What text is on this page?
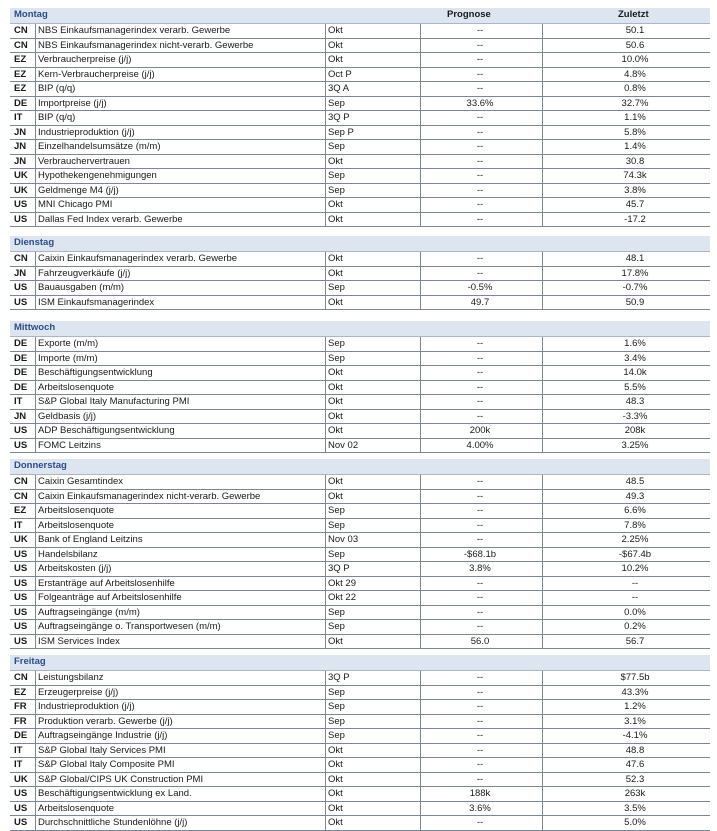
Montag	Prognose	Zuletzt
CN	NBS Einkaufsmanagerindex verarb. Gewerbe	Okt	--	50.1
CN	NBS Einkaufsmanagerindex nicht-verarb. Gewerbe	Okt	--	50.6
EZ	Verbraucherpreise (j/j)	Okt	--	10.0%
EZ	Kern-Verbraucherpreise (j/j)	Oct P	--	4.8%
EZ	BIP (q/q)	3Q A	--	0.8%
DE	Importpreise (j/j)	Sep	33.6%	32.7%
IT	BIP (q/q)	3Q P	--	1.1%
JN	Industrieproduktion (j/j)	Sep P	--	5.8%
JN	Einzelhandelsumsätze (m/m)	Sep	--	1.4%
JN	Verbrauchervertrauen	Okt	--	30.8
UK	Hypothekengenehmigungen	Sep	--	74.3k
UK	Geldmenge M4 (j/j)	Sep	--	3.8%
US	MNI Chicago PMI	Okt	--	45.7
US	Dallas Fed Index verarb. Gewerbe	Okt	--	-17.2
Dienstag
CN	Caixin Einkaufsmanagerindex verarb. Gewerbe	Okt	--	48.1
JN	Fahrzeugverkäufe (j/j)	Okt	--	17.8%
US	Bauausgaben (m/m)	Sep	-0.5%	-0.7%
US	ISM Einkaufsmanagerindex	Okt	49.7	50.9
Mittwoch
DE	Exporte (m/m)	Sep	--	1.6%
DE	Importe (m/m)	Sep	--	3.4%
DE	Beschäftigungsentwicklung	Okt	--	14.0k
DE	Arbeitslosenquote	Okt	--	5.5%
IT	S&P Global Italy Manufacturing PMI	Okt	--	48.3
JN	Geldbasis (j/j)	Okt	--	-3.3%
US	ADP Beschäftigungsentwicklung	Okt	200k	208k
US	FOMC Leitzins	Nov 02	4.00%	3.25%
Donnerstag
CN	Caixin Gesamtindex	Okt	--	48.5
CN	Caixin Einkaufsmanagerindex nicht-verarb. Gewerbe	Okt	--	49.3
EZ	Arbeitslosenquote	Sep	--	6.6%
IT	Arbeitslosenquote	Sep	--	7.8%
UK	Bank of England Leitzins	Nov 03	--	2.25%
US	Handelsbilanz	Sep	-$68.1b	-$67.4b
US	Arbeitskosten (j/j)	3Q P	3.8%	10.2%
US	Erstanträge auf Arbeitslosenhilfe	Okt 29	--	--
US	Folgeanträge auf Arbeitslosenhilfe	Okt 22	--	--
US	Auftragseingänge (m/m)	Sep	--	0.0%
US	Auftragseingänge o. Transportwesen (m/m)	Sep	--	0.2%
US	ISM Services Index	Okt	56.0	56.7
Freitag
CN	Leistungsbilanz	3Q P	--	$77.5b
EZ	Erzeugerpreise (j/j)	Sep	--	43.3%
FR	Industrieproduktion (j/j)	Sep	--	1.2%
FR	Produktion verarb. Gewerbe (j/j)	Sep	--	3.1%
DE	Auftragseingänge Industrie (j/j)	Sep	--	-4.1%
IT	S&P Global Italy Services PMI	Okt	--	48.8
IT	S&P Global Italy Composite PMI	Okt	--	47.6
UK	S&P Global/CIPS UK Construction PMI	Okt	--	52.3
US	Beschäftigungsentwicklung ex Land.	Okt	188k	263k
US	Arbeitslosenquote	Okt	3.6%	3.5%
US	Durchschnittliche Stundenlöhne (j/j)	Okt	--	5.0%
